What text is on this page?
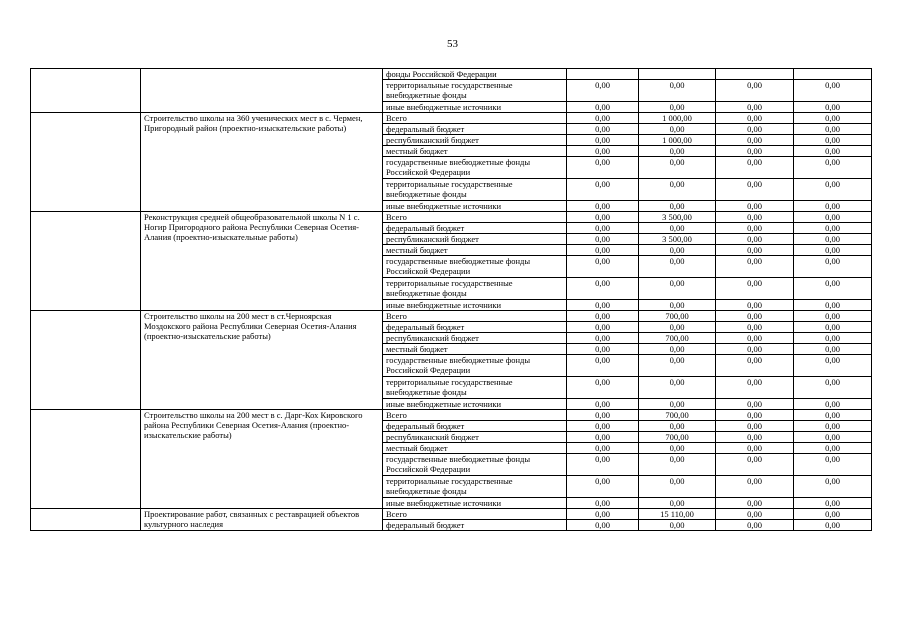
53
		фонды Российской Федерации				
		территориальные государственные внебюджетные фонды	0,00	0,00	0,00	0,00
		иные внебюджетные источники	0,00	0,00	0,00	0,00
	Строительство школы на 360 ученических мест в с. Чермен, Пригородный район (проектно-изыскательские работы)	Всего	0,00	1 000,00	0,00	0,00
		федеральный бюджет	0,00	0,00	0,00	0,00
		республиканский бюджет	0,00	1 000,00	0,00	0,00
		местный бюджет	0,00	0,00	0,00	0,00
		государственные внебюджетные фонды Российской Федерации	0,00	0,00	0,00	0,00
		территориальные государственные внебюджетные фонды	0,00	0,00	0,00	0,00
		иные внебюджетные источники	0,00	0,00	0,00	0,00
	Реконструкция средней общеобразовательной школы N 1 с. Ногир Пригородного района Республики Северная Осетия-Алания (проектно-изыскательные работы)	Всего	0,00	3 500,00	0,00	0,00
		федеральный бюджет	0,00	0,00	0,00	0,00
		республиканский бюджет	0,00	3 500,00	0,00	0,00
		местный бюджет	0,00	0,00	0,00	0,00
		государственные внебюджетные фонды Российской Федерации	0,00	0,00	0,00	0,00
		территориальные государственные внебюджетные фонды	0,00	0,00	0,00	0,00
		иные внебюджетные источники	0,00	0,00	0,00	0,00
	Строительство школы на 200 мест в ст.Черноярская Моздокского района Республики Северная Осетия-Алания (проектно-изыскательские работы)	Всего	0,00	700,00	0,00	0,00
		федеральный бюджет	0,00	0,00	0,00	0,00
		республиканский бюджет	0,00	700,00	0,00	0,00
		местный бюджет	0,00	0,00	0,00	0,00
		государственные внебюджетные фонды Российской Федерации	0,00	0,00	0,00	0,00
		территориальные государственные внебюджетные фонды	0,00	0,00	0,00	0,00
		иные внебюджетные источники	0,00	0,00	0,00	0,00
	Строительство школы на 200 мест в с. Дарг-Кох Кировского района Республики Северная Осетия-Алания (проектно-изыскательские работы)	Всего	0,00	700,00	0,00	0,00
		федеральный бюджет	0,00	0,00	0,00	0,00
		республиканский бюджет	0,00	700,00	0,00	0,00
		местный бюджет	0,00	0,00	0,00	0,00
		государственные внебюджетные фонды Российской Федерации	0,00	0,00	0,00	0,00
		территориальные государственные внебюджетные фонды	0,00	0,00	0,00	0,00
		иные внебюджетные источники	0,00	0,00	0,00	0,00
	Проектирование работ, связанных с реставрацией объектов культурного наследия	Всего	0,00	15 110,00	0,00	0,00
		федеральный бюджет	0,00	0,00	0,00	0,00
